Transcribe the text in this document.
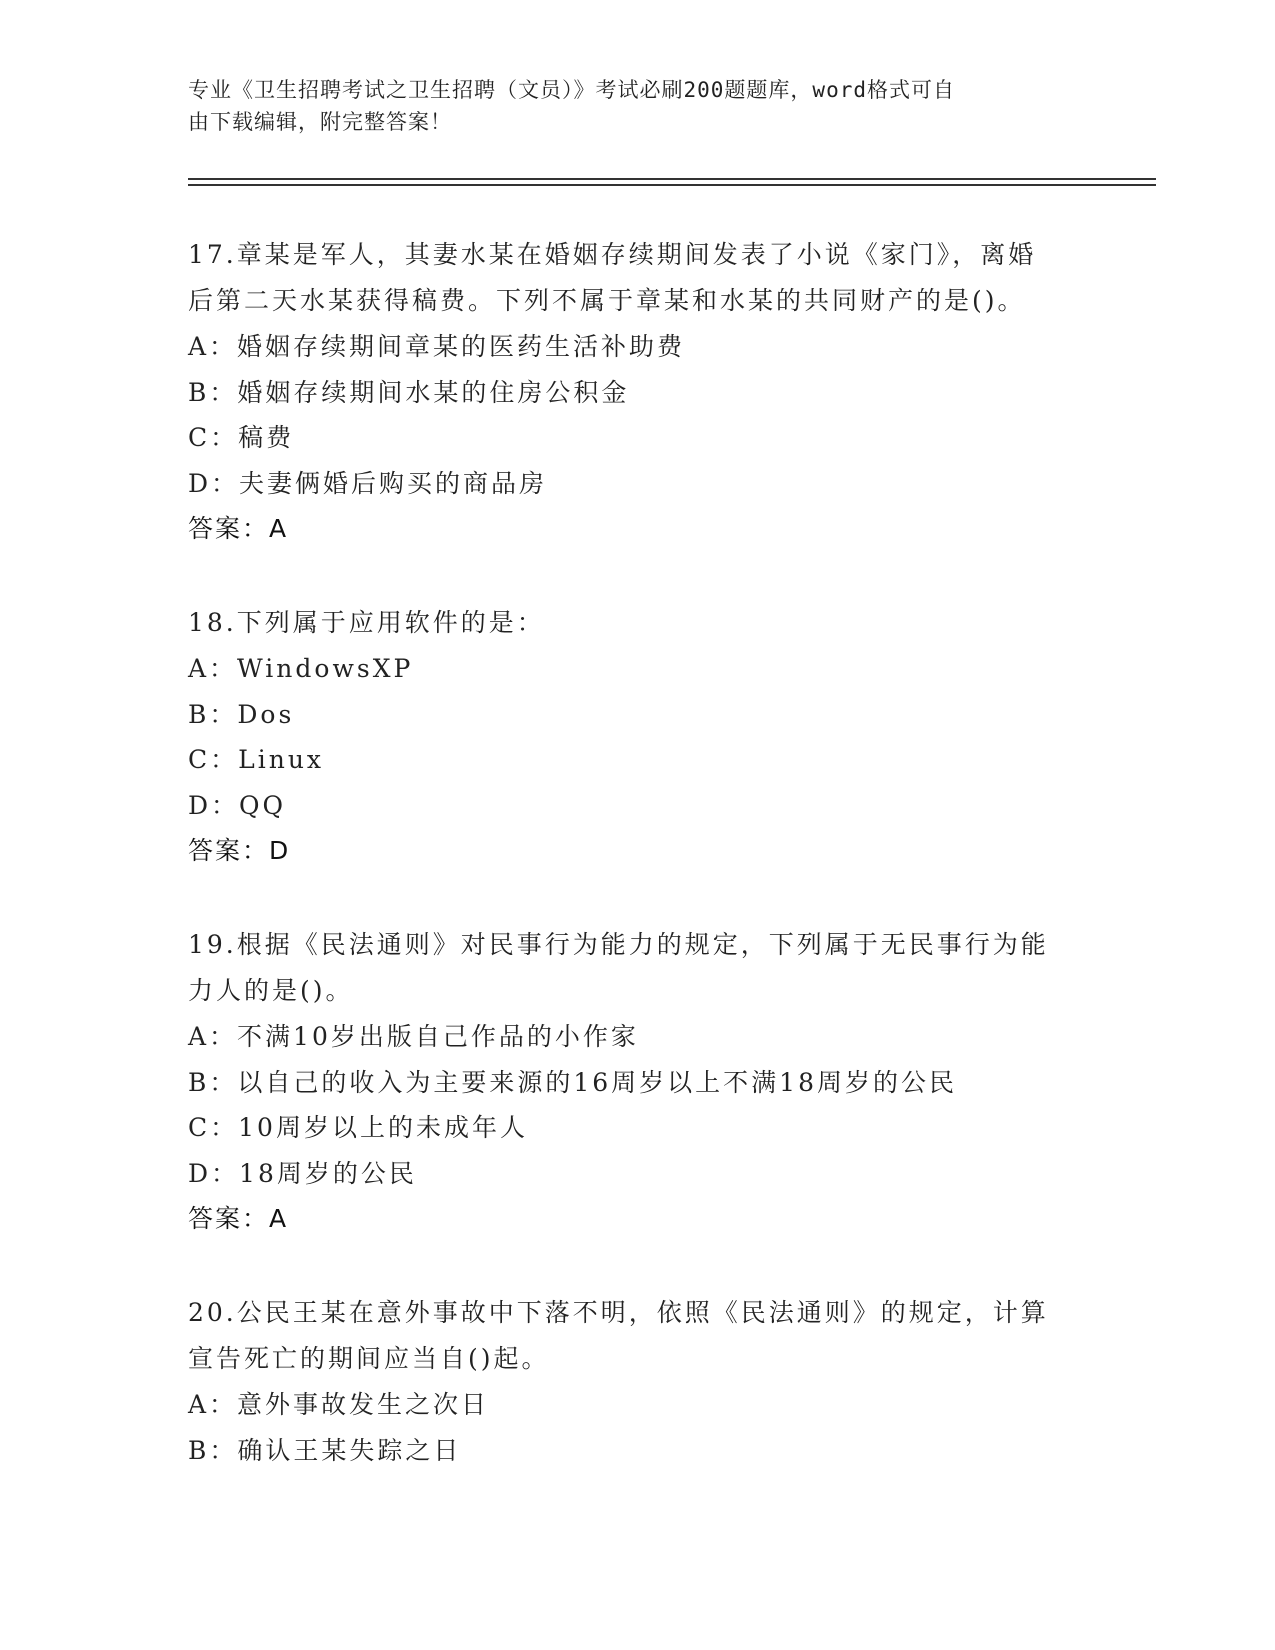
专业《卫生招聘考试之卫生招聘（文员）》考试必刷200题题库，word格式可自
由下载编辑，附完整答案！

17.章某是军人，其妻水某在婚姻存续期间发表了小说《家门》，离婚

后第二天水某获得稿费。下列不属于章某和水某的共同财产的是()。

A：婚姻存续期间章某的医药生活补助费

B：婚姻存续期间水某的住房公积金

C：稿费

D：夫妻俩婚后购买的商品房

答案：A

18.下列属于应用软件的是：

A：WindowsXP

B：Dos

C：Linux

D：QQ

答案：D

19.根据《民法通则》对民事行为能力的规定，下列属于无民事行为能

力人的是()。

A：不满10岁出版自己作品的小作家

B：以自己的收入为主要来源的16周岁以上不满18周岁的公民

C：10周岁以上的未成年人

D：18周岁的公民

答案：A

20.公民王某在意外事故中下落不明，依照《民法通则》的规定，计算

宣告死亡的期间应当自()起。

A：意外事故发生之次日

B：确认王某失踪之日
